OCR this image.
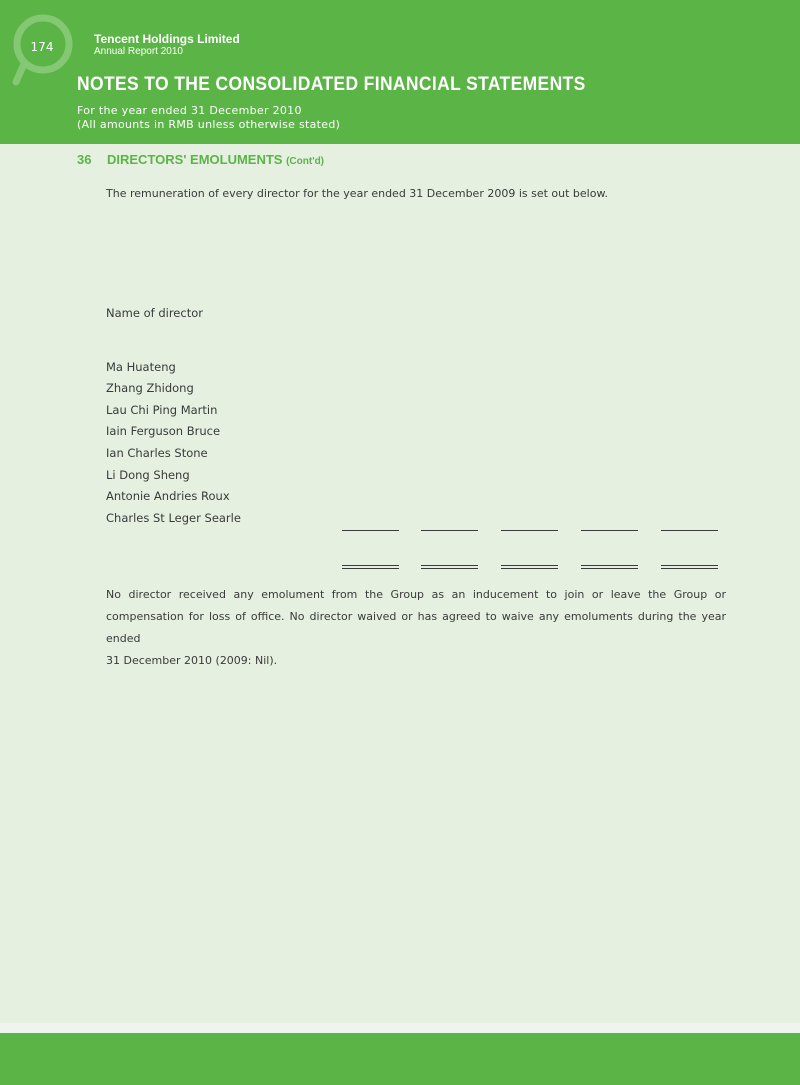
174
Tencent Holdings Limited
Annual Report 2010
NOTES TO THE CONSOLIDATED FINANCIAL STATEMENTS
For the year ended 31 December 2010
(All amounts in RMB unless otherwise stated)
36 DIRECTORS' EMOLUMENTS (Cont'd)
The remuneration of every director for the year ended 31 December 2009 is set out below.
Name of director
Ma Huateng
Zhang Zhidong
Lau Chi Ping Martin
Iain Ferguson Bruce
Ian Charles Stone
Li Dong Sheng
Antonie Andries Roux
Charles St Leger Searle
No director received any emolument from the Group as an inducement to join or leave the Group or
compensation for loss of office. No director waived or has agreed to waive any emoluments during the year ended
31 December 2010 (2009: Nil).
